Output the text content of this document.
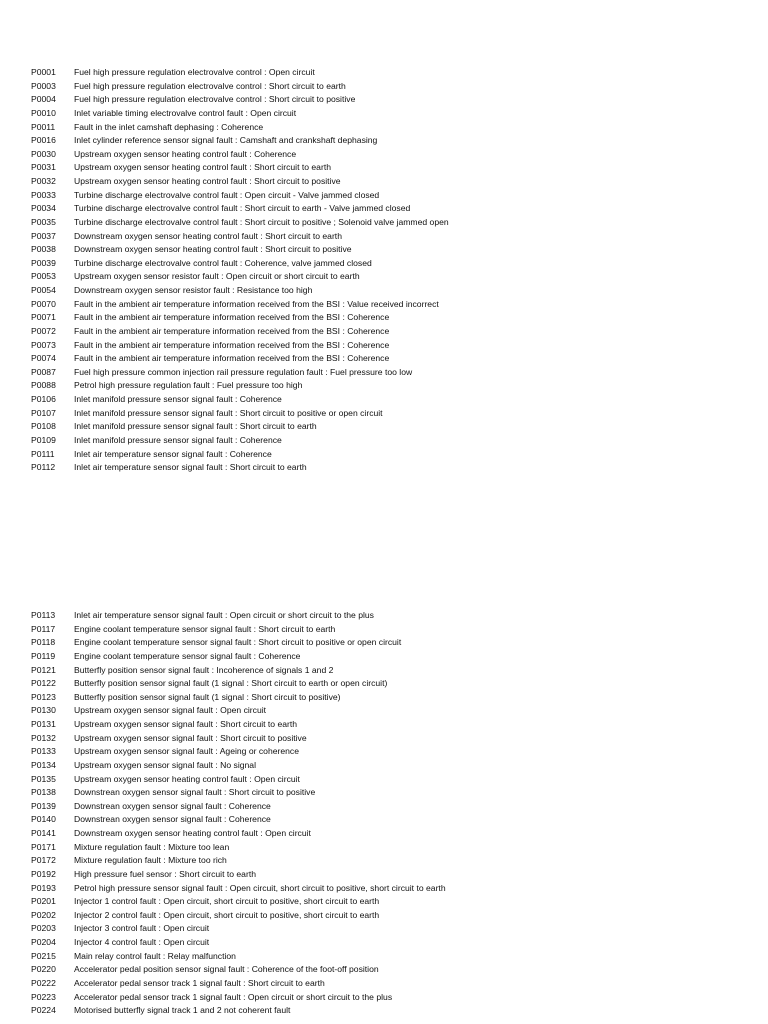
P0001	Fuel high pressure regulation electrovalve control : Open circuit
P0003	Fuel high pressure regulation electrovalve control : Short circuit to earth
P0004	Fuel high pressure regulation electrovalve control : Short circuit to positive
P0010	Inlet variable timing electrovalve control fault : Open circuit
P0011	Fault in the inlet camshaft dephasing : Coherence
P0016	Inlet cylinder reference sensor signal fault : Camshaft and crankshaft dephasing
P0030	Upstream oxygen sensor heating control fault : Coherence
P0031	Upstream oxygen sensor heating control fault : Short circuit to earth
P0032	Upstream oxygen sensor heating control fault : Short circuit to positive
P0033	Turbine discharge electrovalve control fault : Open circuit - Valve jammed closed
P0034	Turbine discharge electrovalve control fault : Short circuit to earth - Valve jammed closed
P0035	Turbine discharge electrovalve control fault : Short circuit to positive ; Solenoid valve jammed open
P0037	Downstream oxygen sensor heating control fault : Short circuit to earth
P0038	Downstream oxygen sensor heating control fault : Short circuit to positive
P0039	Turbine discharge electrovalve control fault : Coherence, valve jammed closed
P0053	Upstream oxygen sensor resistor fault : Open circuit or short circuit to earth
P0054	Downstream oxygen sensor resistor fault : Resistance too high
P0070	Fault in the ambient air temperature information received from the BSI : Value received incorrect
P0071	Fault in the ambient air temperature information received from the BSI : Coherence
P0072	Fault in the ambient air temperature information received from the BSI : Coherence
P0073	Fault in the ambient air temperature information received from the BSI : Coherence
P0074	Fault in the ambient air temperature information received from the BSI : Coherence
P0087	Fuel high pressure common injection rail pressure regulation fault : Fuel pressure too low
P0088	Petrol high pressure regulation fault : Fuel pressure too high
P0106	Inlet manifold pressure sensor signal fault : Coherence
P0107	Inlet manifold pressure sensor signal fault : Short circuit to positive or open circuit
P0108	Inlet manifold pressure sensor signal fault : Short circuit to earth
P0109	Inlet manifold pressure sensor signal fault : Coherence
P0111	Inlet air temperature sensor signal fault : Coherence
P0112	Inlet air temperature sensor signal fault : Short circuit to earth
P0113	Inlet air temperature sensor signal fault : Open circuit or short circuit to the plus
P0117	Engine coolant temperature sensor signal fault : Short circuit to earth
P0118	Engine coolant temperature sensor signal fault : Short circuit to positive or open circuit
P0119	Engine coolant temperature sensor signal fault : Coherence
P0121	Butterfly position sensor signal fault : Incoherence of signals 1 and 2
P0122	Butterfly position sensor signal fault (1 signal : Short circuit to earth or open circuit)
P0123	Butterfly position sensor signal fault (1 signal : Short circuit to positive)
P0130	Upstream oxygen sensor signal fault : Open circuit
P0131	Upstream oxygen sensor signal fault : Short circuit to earth
P0132	Upstream oxygen sensor signal fault : Short circuit to positive
P0133	Upstream oxygen sensor signal fault : Ageing or coherence
P0134	Upstream oxygen sensor signal fault : No signal
P0135	Upstream oxygen sensor heating control fault : Open circuit
P0138	Downstrean oxygen sensor signal fault : Short circuit to positive
P0139	Downstrean oxygen sensor signal fault : Coherence
P0140	Downstrean oxygen sensor signal fault : Coherence
P0141	Downstream oxygen sensor heating control fault : Open circuit
P0171	Mixture regulation fault : Mixture too lean
P0172	Mixture regulation fault : Mixture too rich
P0192	High pressure fuel sensor : Short circuit to earth
P0193	Petrol high pressure sensor signal fault : Open circuit, short circuit to positive, short circuit to earth
P0201	Injector 1 control fault : Open circuit, short circuit to positive, short circuit to earth
P0202	Injector 2 control fault : Open circuit, short circuit to positive, short circuit to earth
P0203	Injector 3 control fault : Open circuit
P0204	Injector 4 control fault : Open circuit
P0215	Main relay control fault : Relay malfunction
P0220	Accelerator pedal position sensor signal fault : Coherence of the foot-off position
P0222	Accelerator pedal sensor track 1 signal fault : Short circuit to earth
P0223	Accelerator pedal sensor track 1 signal fault : Open circuit or short circuit to the plus
P0224	Motorised butterfly signal track 1 and 2 not coherent fault
